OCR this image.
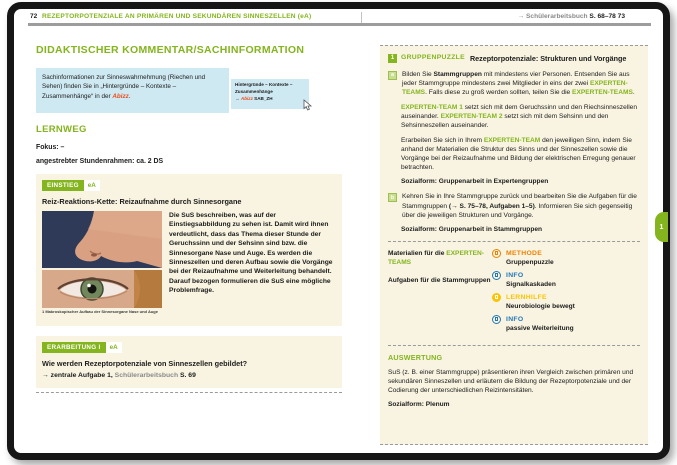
72 REZEPTORPOTENZIALE AN PRIMÄREN UND SEKUNDÄREN SINNESZELLEN (eA)	→ Schülerarbeitsbuch S. 68–78 73
DIDAKTISCHER KOMMENTAR/SACHINFORMATION
Sachinformationen zur Sinneswahrnehmung (Riechen und Sehen) finden Sie in „Hintergründe – Kontexte – Zusammenhänge“ in der Abizz.
Hintergründe – Kontexte –
Zusammenhänge
→ Abizz SAB_ZH
LERNWEG
Fokus: –
angestrebter Stundenrahmen: ca. 2 DS
EINSTIEG	eA
Reiz-Reaktions-Kette: Reizaufnahme durch Sinnesorgane
1 Makroskopischer Aufbau der Sinnesorgane Nase und Auge
Die SuS beschreiben, was auf der Einstiegsabbildung zu sehen ist. Damit wird ihnen verdeutlicht, dass das Thema dieser Stunde der Geruchssinn und der Sehsinn sind bzw. die Sinnesorgane Nase und Auge. Es werden die Sinneszellen und deren Aufbau sowie die Vorgänge bei der Reizaufnahme und Weiterleitung behandelt. Darauf bezogen formulieren die SuS eine mögliche Problemfrage.
ERARBEITUNG I	eA
Wie werden Rezeptorpotenziale von Sinneszellen gebildet?
→ zentrale Aufgabe 1, Schülerarbeitsbuch S. 69
1	GRUPPENPUZZLE Rezeptorpotenziale: Strukturen und Vorgänge
a	Bilden Sie Stammgruppen mit mindestens vier Personen. Entsenden Sie aus jeder Stammgruppe mindestens zwei Mitglieder in eins der zwei EXPERTEN-TEAMS. Falls diese zu groß werden sollten, teilen Sie die EXPERTEN-TEAMS.
EXPERTEN-TEAM 1 setzt sich mit dem Geruchssinn und den Riechsinneszellen auseinander. EXPERTEN-TEAM 2 setzt sich mit dem Sehsinn und den Sehsinneszellen auseinander.
Erarbeiten Sie sich in Ihrem EXPERTEN-TEAM den jeweiligen Sinn, indem Sie anhand der Materialien die Struktur des Sinns und der Sinneszellen sowie die Vorgänge bei der Reizaufnahme und Bildung der elektrischen Erregung genauer betrachten.
Sozialform: Gruppenarbeit in Expertengruppen
b	Kehren Sie in Ihre Stammgruppe zurück und bearbeiten Sie die Aufgaben für die Stammgruppen (→ S. 75–78, Aufgaben 1–5). Informieren Sie sich gegenseitig über die jeweiligen Strukturen und Vorgänge.
Sozialform: Gruppenarbeit in Stammgruppen
Materialien für die EXPERTEN-TEAMS
Aufgaben für die Stammgruppen
METHODE
Gruppenpuzzle
INFO
Signalkaskaden
LERNHILFE
Neurobiologie bewegt
INFO
passive Weiterleitung
AUSWERTUNG
SuS (z. B. einer Stammgruppe) präsentieren ihren Vergleich zwischen primären und sekundären Sinneszellen und erläutern die Bildung der Rezeptorpotenziale und der Codierung der unterschiedlichen Reizintensitäten.
Sozialform: Plenum
1
